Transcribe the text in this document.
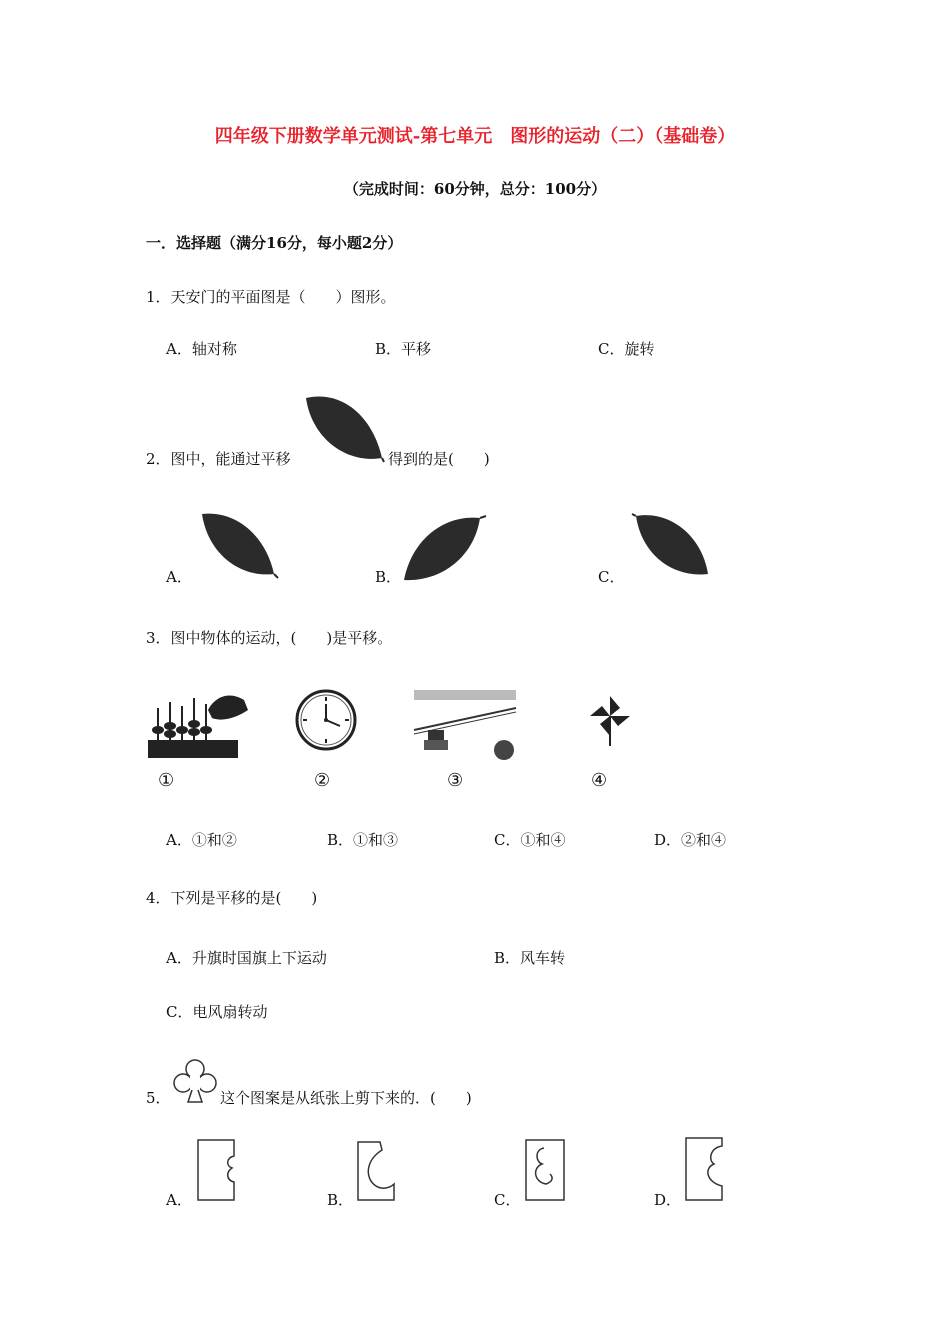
四年级下册数学单元测试-第七单元　图形的运动（二）（基础卷）
（完成时间：60分钟，总分：100分）
一．选择题（满分16分，每小题2分）
1．天安门的平面图是（　　）图形。
A．轴对称	B．平移	C．旋转
2．图中，能通过平移	得到的是(　　)
A．	B．	C．
3．图中物体的运动，(　　)是平移。
①	②	③	④
A．①和②	B．①和③	C．①和④	D．②和④
4．下列是平移的是(　　)
A．升旗时国旗上下运动	B．风车转
C．电风扇转动
5．	这个图案是从纸张上剪下来的．(　　)
A．	B．	C．	D．
